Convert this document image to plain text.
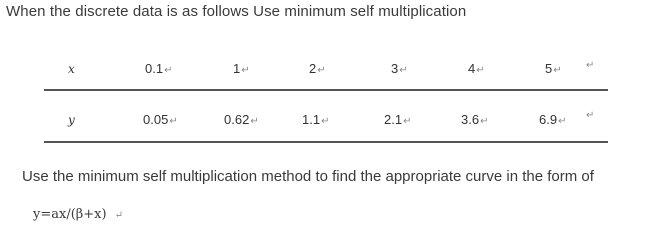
When the discrete data is as follows Use minimum self multiplication
x	0.1↵	1↵	2↵	3↵	4↵	5↵ ↵
y	0.05↵	0.62↵	1.1↵	2.1↵	3.6↵	6.9↵
↵
Use the minimum self multiplication method to find the appropriate curve in the form of
y=ax/(β+x) ↵
